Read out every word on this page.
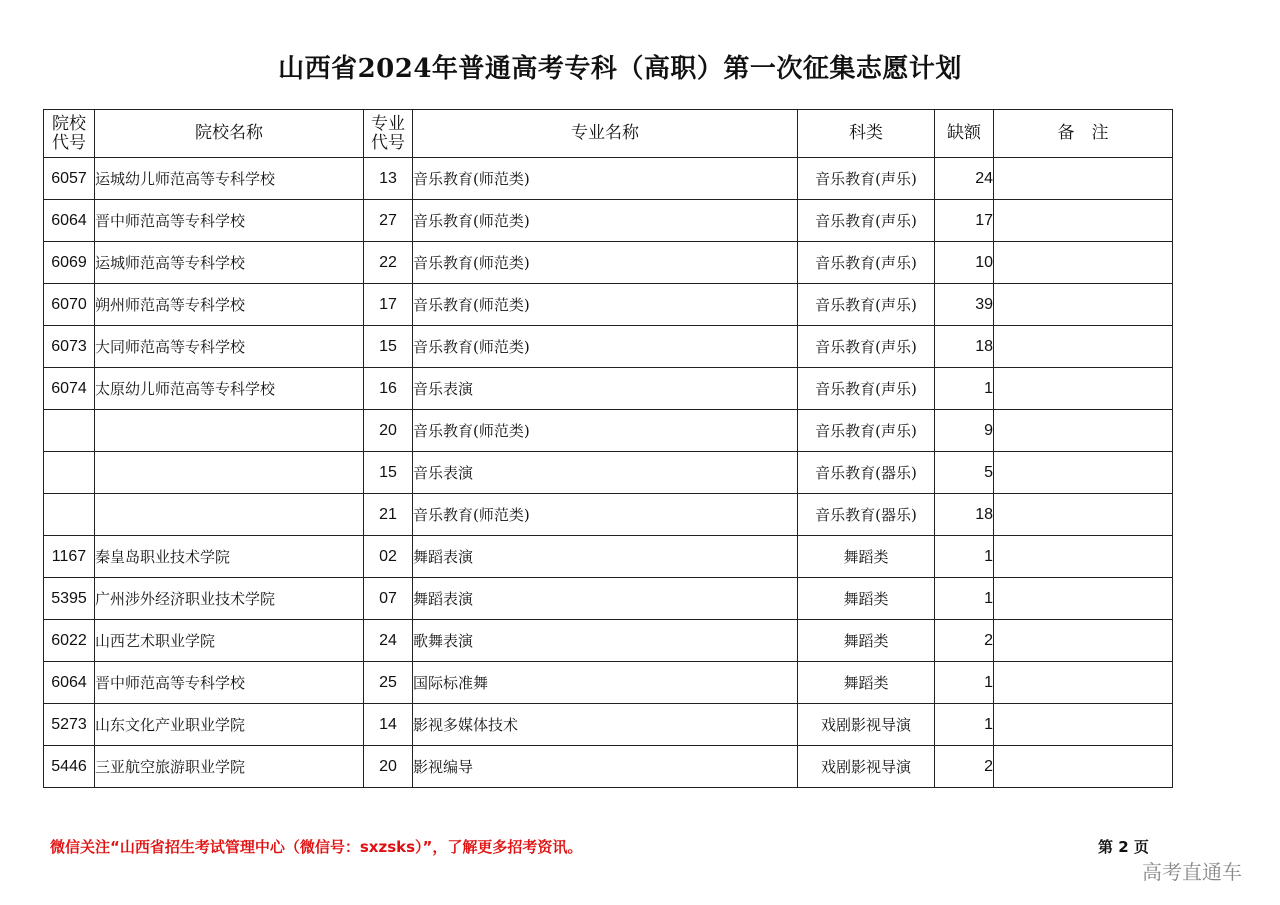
山西省2024年普通高考专科（高职）第一次征集志愿计划
院校代号	院校名称	专业代号	专业名称	科类	缺额	备　注
6057	运城幼儿师范高等专科学校	13	音乐教育(师范类)	音乐教育(声乐)	24	
6064	晋中师范高等专科学校	27	音乐教育(师范类)	音乐教育(声乐)	17	
6069	运城师范高等专科学校	22	音乐教育(师范类)	音乐教育(声乐)	10	
6070	朔州师范高等专科学校	17	音乐教育(师范类)	音乐教育(声乐)	39	
6073	大同师范高等专科学校	15	音乐教育(师范类)	音乐教育(声乐)	18	
6074	太原幼儿师范高等专科学校	16	音乐表演	音乐教育(声乐)	1	
		20	音乐教育(师范类)	音乐教育(声乐)	9	
		15	音乐表演	音乐教育(器乐)	5	
		21	音乐教育(师范类)	音乐教育(器乐)	18	
1167	秦皇岛职业技术学院	02	舞蹈表演	舞蹈类	1	
5395	广州涉外经济职业技术学院	07	舞蹈表演	舞蹈类	1	
6022	山西艺术职业学院	24	歌舞表演	舞蹈类	2	
6064	晋中师范高等专科学校	25	国际标准舞	舞蹈类	1	
5273	山东文化产业职业学院	14	影视多媒体技术	戏剧影视导演	1	
5446	三亚航空旅游职业学院	20	影视编导	戏剧影视导演	2	
微信关注“山西省招生考试管理中心（微信号：sxzsks）”，了解更多招考资讯。	第 2 页
高考直通车
